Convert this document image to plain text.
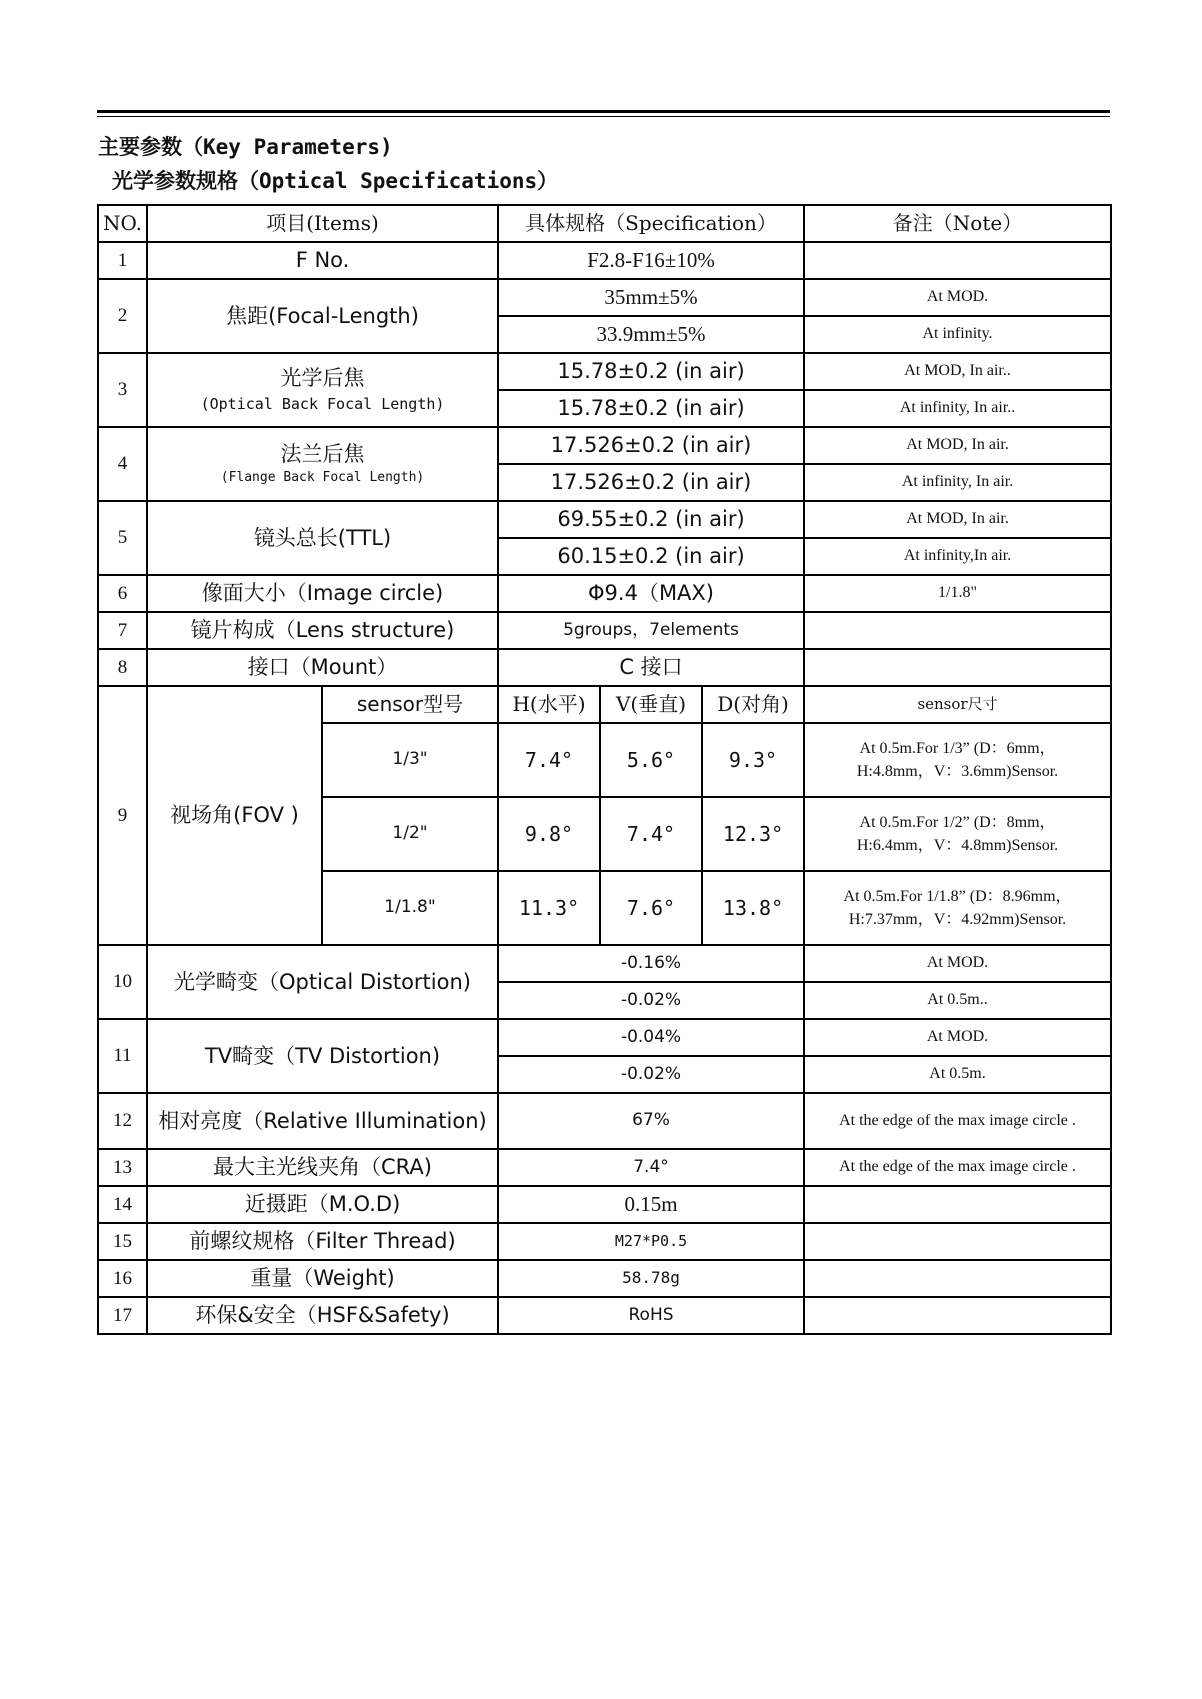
主要参数（Key Parameters)
光学参数规格（Optical Specifications）
NO.	项目(Items)		具体规格（Specification）			备注（Note）
1	F No.		F2.8-F16±10%			
2	焦距(Focal-Length)		35mm±5%			At MOD.
			33.9mm±5%			At infinity.
3	光学后焦
(Optical Back Focal Length)		15.78±0.2 (in air)			At MOD, In air..
			15.78±0.2 (in air)			At infinity, In air..
4	法兰后焦
(Flange Back Focal Length)		17.526±0.2 (in air)			At MOD, In air.
			17.526±0.2 (in air)			At infinity, In air.
5	镜头总长(TTL)		69.55±0.2 (in air)			At MOD, In air.
			60.15±0.2 (in air)			At infinity,In air.
6	像面大小（Image circle)		Φ9.4（MAX)			1/1.8"
7	镜片构成（Lens structure)		5groups，7elements			
8	接口（Mount）		C 接口			
9	视场角(FOV )	sensor型号	H(水平)	V(垂直)	D(对角)	sensor尺寸
		1/3"	7.4°	5.6°	9.3°	At 0.5m.For 1/3” (D：6mm，
H:4.8mm，V：3.6mm)Sensor.

		1/2"	9.8°	7.4°	12.3°	At 0.5m.For 1/2” (D：8mm，
H:6.4mm，V：4.8mm)Sensor.

		1/1.8"	11.3°	7.6°	13.8°	At 0.5m.For 1/1.8” (D：8.96mm，
H:7.37mm，V：4.92mm)Sensor.

10	光学畸变（Optical Distortion)		-0.16%			At MOD.
			-0.02%			At 0.5m..
11	TV畸变（TV Distortion)		-0.04%			At MOD.
			-0.02%			At 0.5m.
12	相对亮度（Relative Illumination)		67%			At the edge of the max image circle .
13	最大主光线夹角（CRA)		7.4°			At the edge of the max image circle .
14	近摄距（M.O.D)		0.15m			
15	前螺纹规格（Filter Thread)		M27*P0.5			
16	重量（Weight)		58.78g			
17	环保&安全（HSF&Safety)		RoHS			
